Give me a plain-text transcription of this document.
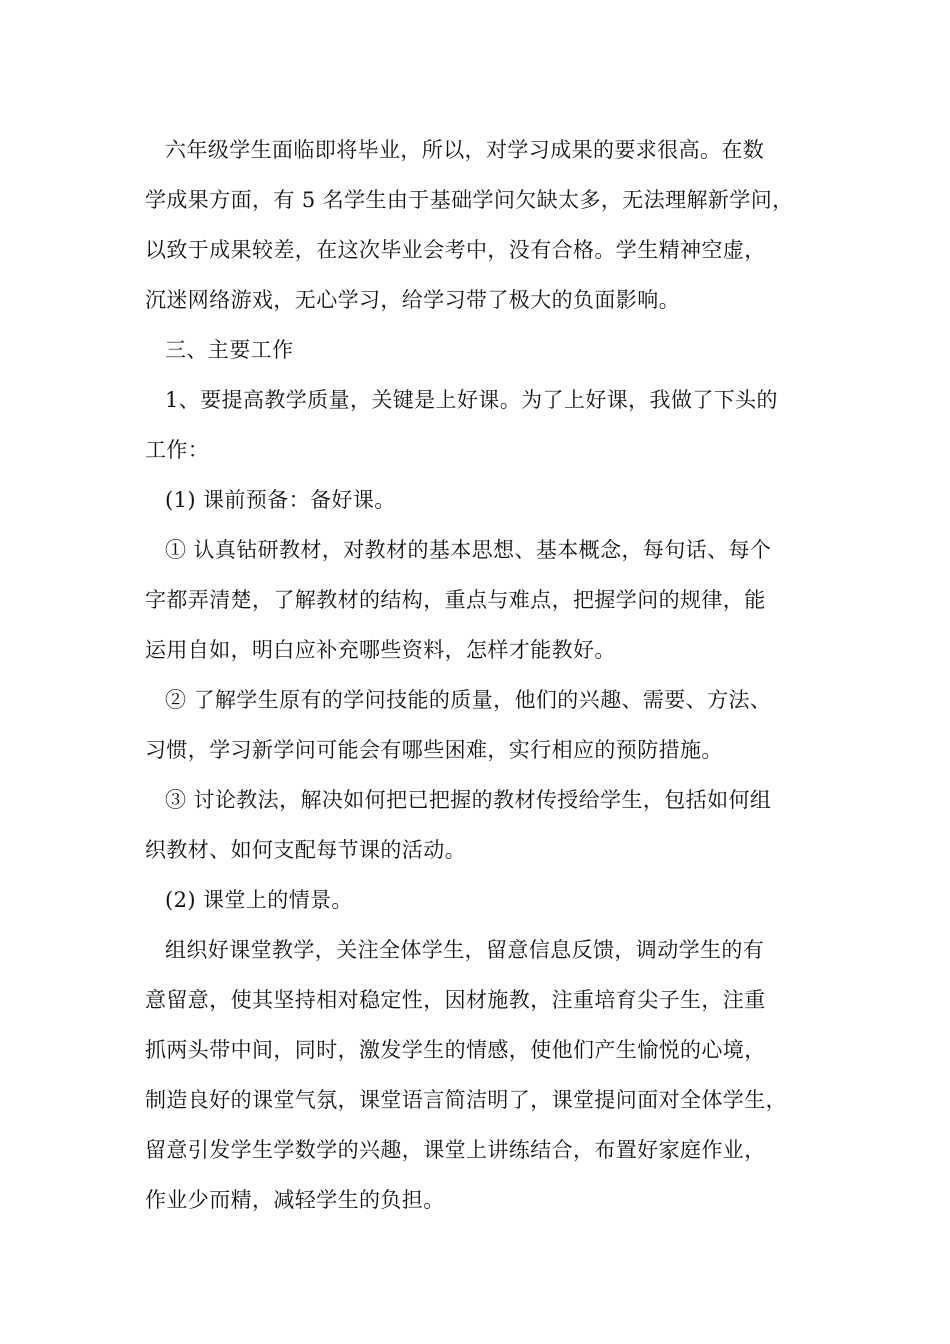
六年级学生面临即将毕业，所以，对学习成果的要求很高。在数
学成果方面，有 5 名学生由于基础学问欠缺太多，无法理解新学问，
以致于成果较差，在这次毕业会考中，没有合格。学生精神空虚，
沉迷网络游戏，无心学习，给学习带了极大的负面影响。
三、主要工作
1、要提高教学质量，关键是上好课。为了上好课，我做了下头的
工作：
(1) 课前预备：备好课。
① 认真钻研教材，对教材的基本思想、基本概念，每句话、每个
字都弄清楚，了解教材的结构，重点与难点，把握学问的规律，能
运用自如，明白应补充哪些资料，怎样才能教好。
② 了解学生原有的学问技能的质量，他们的兴趣、需要、方法、
习惯，学习新学问可能会有哪些困难，实行相应的预防措施。
③ 讨论教法，解决如何把已把握的教材传授给学生，包括如何组
织教材、如何支配每节课的活动。
(2) 课堂上的情景。
组织好课堂教学，关注全体学生，留意信息反馈，调动学生的有
意留意，使其坚持相对稳定性，因材施教，注重培育尖子生，注重
抓两头带中间，同时，激发学生的情感，使他们产生愉悦的心境，
制造良好的课堂气氛，课堂语言简洁明了，课堂提问面对全体学生，
留意引发学生学数学的兴趣，课堂上讲练结合，布置好家庭作业，
作业少而精，减轻学生的负担。
